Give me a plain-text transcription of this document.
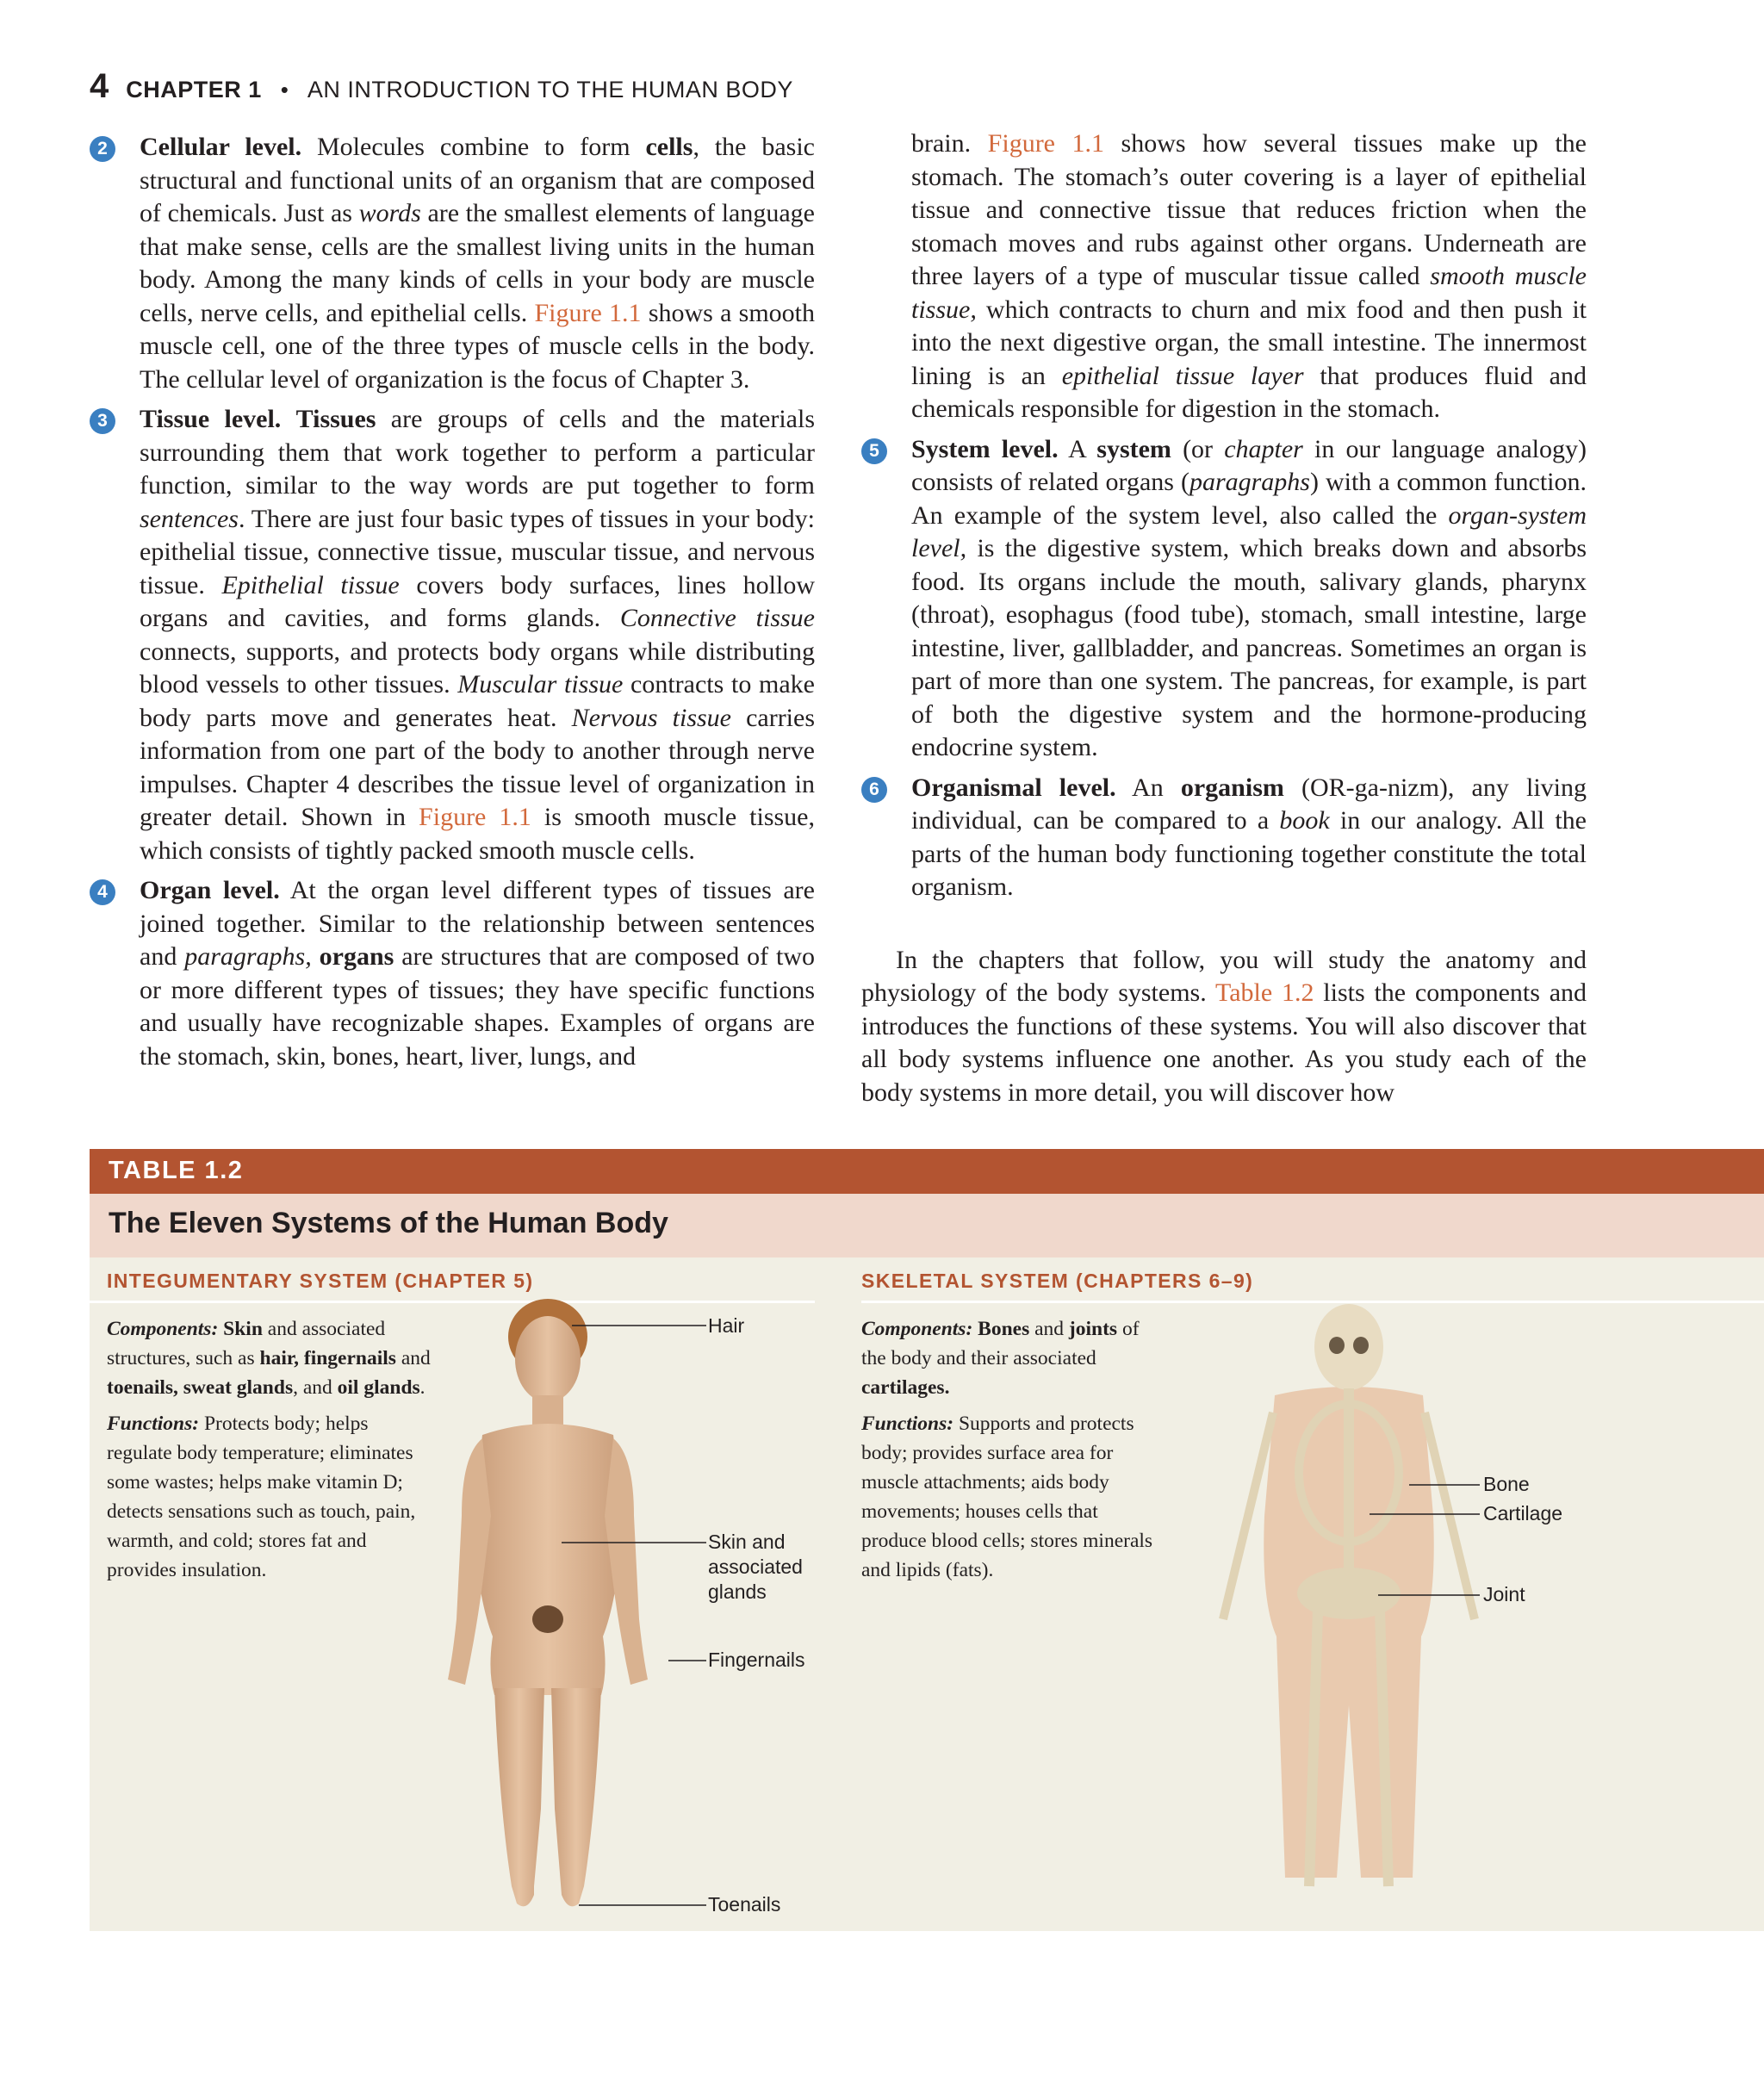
4 CHAPTER 1 • AN INTRODUCTION TO THE HUMAN BODY
2	Cellular level. Molecules combine to form cells, the basic structural and functional units of an organism that are composed of chemicals. Just as words are the smallest elements of language that make sense, cells are the smallest living units in the human body. Among the many kinds of cells in your body are muscle cells, nerve cells, and epithelial cells. Figure 1.1 shows a smooth muscle cell, one of the three types of muscle cells in the body. The cellular level of organization is the focus of Chapter 3.
3	Tissue level. Tissues are groups of cells and the materials surrounding them that work together to perform a particular function, similar to the way words are put together to form sentences. There are just four basic types of tissues in your body: epithelial tissue, connective tissue, muscular tissue, and nervous tissue. Epithelial tissue covers body surfaces, lines hollow organs and cavities, and forms glands. Connective tissue connects, supports, and protects body organs while distributing blood vessels to other tissues. Muscular tissue contracts to make body parts move and generates heat. Nervous tissue carries information from one part of the body to another through nerve impulses. Chapter 4 describes the tissue level of organization in greater detail. Shown in Figure 1.1 is smooth muscle tissue, which consists of tightly packed smooth muscle cells.
4	Organ level. At the organ level different types of tissues are joined together. Similar to the relationship between sentences and paragraphs, organs are structures that are composed of two or more different types of tissues; they have specific functions and usually have recognizable shapes. Examples of organs are the stomach, skin, bones, heart, liver, lungs, and
brain. Figure 1.1 shows how several tissues make up the stomach. The stomach’s outer covering is a layer of epithelial tissue and connective tissue that reduces friction when the stomach moves and rubs against other organs. Underneath are three layers of a type of muscular tissue called smooth muscle tissue, which contracts to churn and mix food and then push it into the next digestive organ, the small intestine. The innermost lining is an epithelial tissue layer that produces fluid and chemicals responsible for digestion in the stomach.
5	System level. A system (or chapter in our language analogy) consists of related organs (paragraphs) with a common function. An example of the system level, also called the organ-system level, is the digestive system, which breaks down and absorbs food. Its organs include the mouth, salivary glands, pharynx (throat), esophagus (food tube), stomach, small intestine, large intestine, liver, gallbladder, and pancreas. Sometimes an organ is part of more than one system. The pancreas, for example, is part of both the digestive system and the hormone-producing endocrine system.
6	Organismal level. An organism (OR-ga-nizm), any living individual, can be compared to a book in our analogy. All the parts of the human body functioning together constitute the total organism.
In the chapters that follow, you will study the anatomy and physiology of the body systems. Table 1.2 lists the components and introduces the functions of these systems. You will also discover that all body systems influence one another. As you study each of the body systems in more detail, you will discover how
TABLE 1.2
The Eleven Systems of the Human Body
INTEGUMENTARY SYSTEM (CHAPTER 5)	SKELETAL SYSTEM (CHAPTERS 6–9)

Components: Skin and associated structures, such as hair, fingernails and toenails, sweat glands, and oil glands.

Functions: Protects body; helps regulate body temperature; eliminates some wastes; helps make vitamin D; detects sensations such as touch, pain, warmth, and cold; stores fat and provides insulation.

Components: Bones and joints of the body and their associated cartilages.

Functions: Supports and protects body; provides surface area for muscle attachments; aids body movements; houses cells that produce blood cells; stores minerals and lipids (fats).

Hair
Skin and
associated
glands
Fingernails
Toenails
Bone
Cartilage
Joint
